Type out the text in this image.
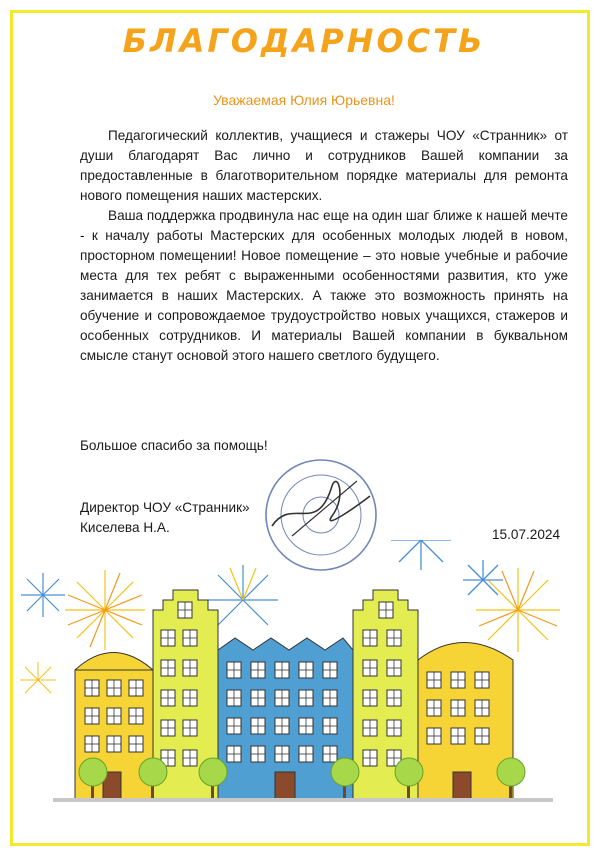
БЛАГОДАРНОСТЬ
Уважаемая Юлия Юрьевна!

Педагогический коллектив, учащиеся и стажеры ЧОУ «Странник» от души благодарят Вас лично и сотрудников Вашей компании за предоставленные в благотворительном порядке материалы для ремонта нового помещения наших мастерских.

Ваша поддержка продвинула нас еще на один шаг ближе к нашей мечте - к началу работы Мастерских для особенных молодых людей в новом, просторном помещении! Новое помещение – это новые учебные и рабочие места для тех ребят с выраженными особенностями развития, кто уже занимается в наших Мастерских. А также это возможность принять на обучение и сопровождаемое трудоустройство новых учащихся, стажеров и особенных сотрудников. И материалы Вашей компании в буквальном смысле станут основой этого нашего светлого будущего.

Большое спасибо за помощь!
Директор ЧОУ «Странник»
Киселева Н.А.	15.07.2024
